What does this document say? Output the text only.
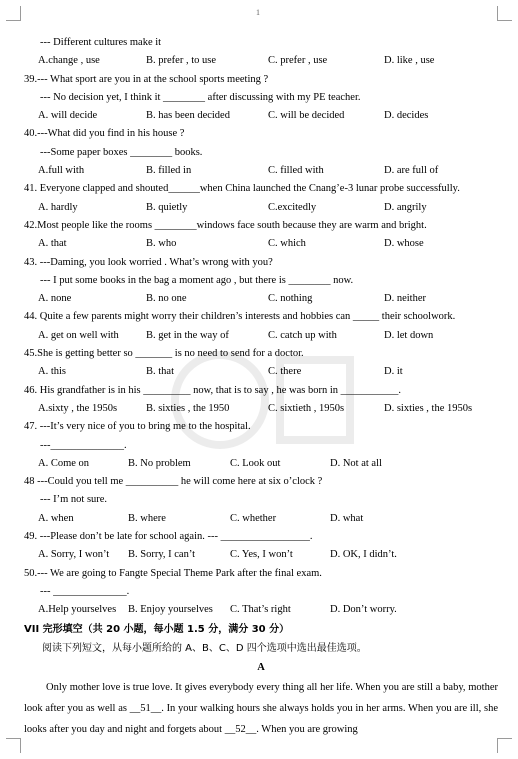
1
--- Different cultures make it
A.change , use	B. prefer , to use	C. prefer , use	D. like , use
39.--- What sport are you in at the school sports meeting ?
--- No decision yet, I think it ________ after discussing with my PE teacher.
A. will decide	B. has been decided	C. will be decided	D. decides
40.---What did you find in his house ?
---Some paper boxes ________ books.
A.full with	B. filled in	C. filled with	D. are full of
41. Everyone clapped and shouted______when China launched the Cnang’e-3 lunar probe successfully.
A. hardly	B. quietly	C.excitedly	D. angrily
42.Most people like the rooms ________windows face south because they are warm and bright.
A. that	B. who	C. which	D. whose
43. ---Daming, you look worried . What’s wrong with you?
--- I put some books in the bag a moment ago , but there is ________ now.
A. none	B. no one	C. nothing	D. neither
44. Quite a few parents might worry their children’s interests and hobbies can _____ their schoolwork.
A. get on well with	B. get in the way of	C. catch up with	D. let down
45.She is getting better so _______ is no need to send for a doctor.
A. this	B. that	C. there	D. it
46. His grandfather is in his _________ now, that is to say , he was born in ___________.
A.sixty , the 1950s	B. sixties , the 1950	C. sixtieth , 1950s	D. sixties , the 1950s
47. ---It’s very nice of you to bring me to the hospital.
---______________.
A. Come on	B. No problem	C. Look out	D. Not at all
48 ---Could you tell me __________ he will come here at six o’clock ?
--- I’m not sure.
A. when	B. where	C. whether	D. what
49. ---Please don’t be late for school again. --- _________________.
A. Sorry, I won’t B. Sorry, I can’t	C. Yes, I won’t	D. OK, I didn’t.
50.--- We are going to Fangte Special Theme Park after the final exam.
--- ______________.
A.Help yourselves B. Enjoy yourselves C. That’s right	D. Don’t worry.
VII 完形填空（共 20 小题，每小题 1.5 分，满分 30 分）
阅读下列短文，从每小题所给的 A、B、C、D 四个选项中选出最佳选项。
A
Only mother love is true love. It gives everybody every thing all her life. When you are still a baby, mother look after you as well as __51__. In your walking hours she always holds you in her arms. When you are ill, she looks after you day and night and forgets about __52__. When you are growing
